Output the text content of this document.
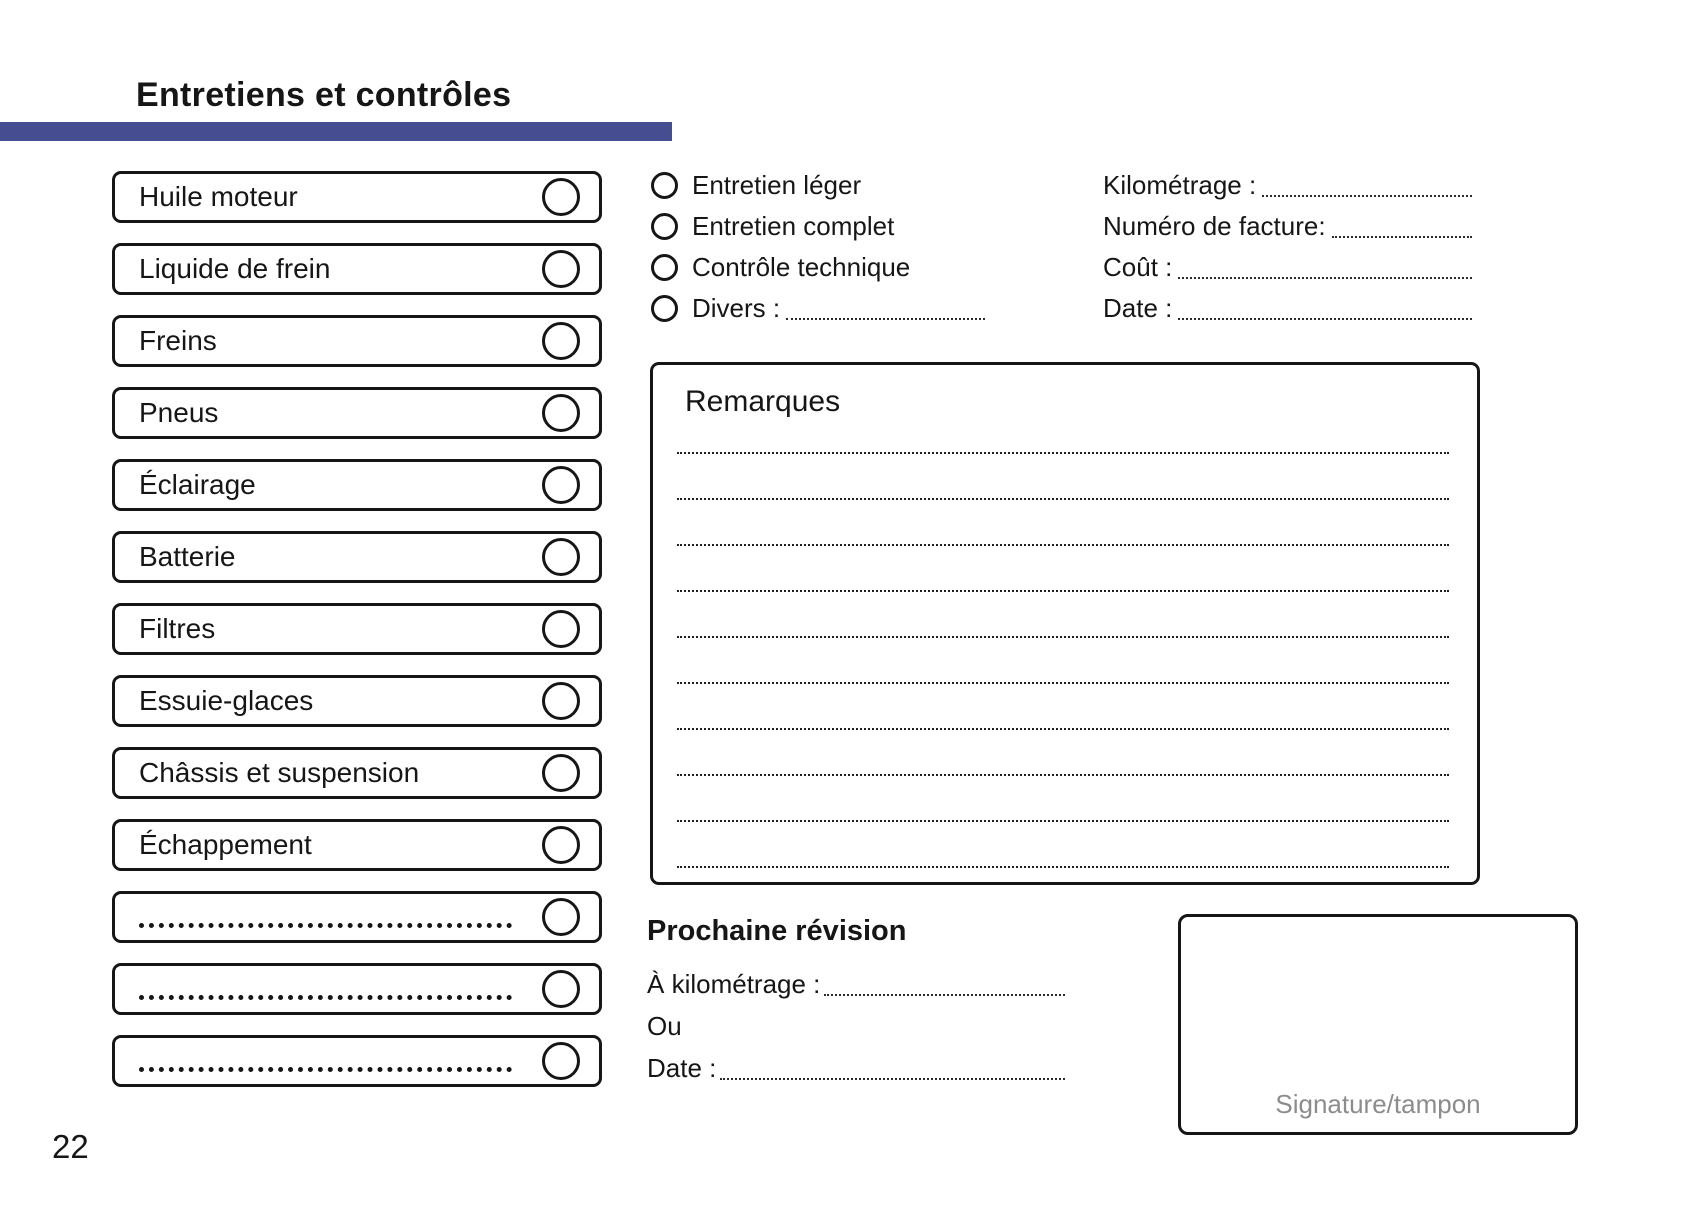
Entretiens et contrôles
Huile moteur
Liquide de frein
Freins
Pneus
Éclairage
Batterie
Filtres
Essuie-glaces
Châssis et suspension
Échappement
Entretien léger
Entretien complet
Contrôle technique
Divers :
Kilométrage :
Numéro de facture:
Coût :
Date :
Remarques
Prochaine révision
À kilométrage :
Ou
Date :
Signature/tampon
22
